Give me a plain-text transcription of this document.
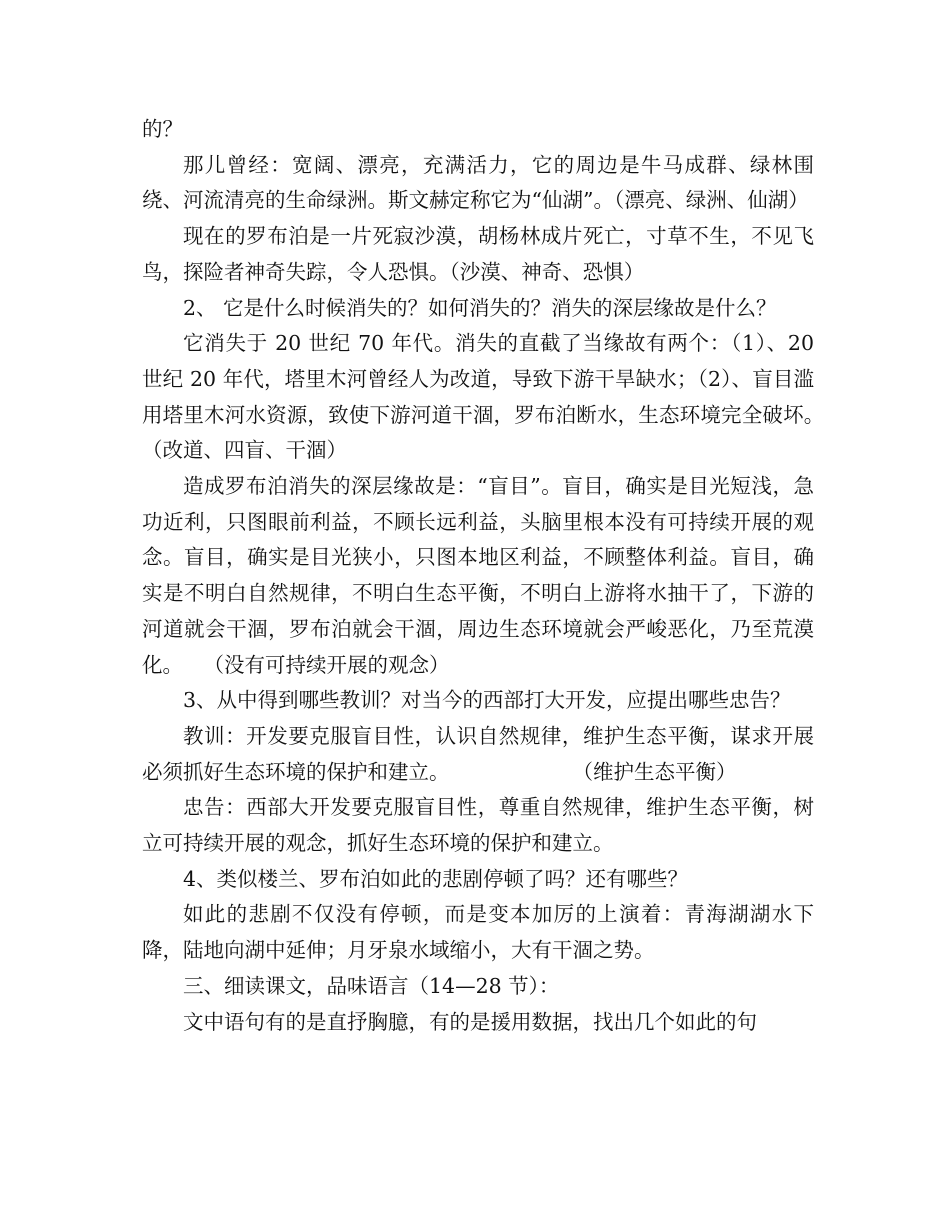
的？

那儿曾经：宽阔、漂亮，充满活力，它的周边是牛马成群、绿林围绕、河流清亮的生命绿洲。斯文赫定称它为“仙湖”。（漂亮、绿洲、仙湖）

现在的罗布泊是一片死寂沙漠，胡杨林成片死亡，寸草不生，不见飞鸟，探险者神奇失踪，令人恐惧。（沙漠、神奇、恐惧）

2、 它是什么时候消失的？如何消失的？消失的深层缘故是什么？

它消失于 20 世纪 70 年代。消失的直截了当缘故有两个：（1）、20 世纪 20 年代，塔里木河曾经人为改道，导致下游干旱缺水；（2）、盲目滥用塔里木河水资源，致使下游河道干涸，罗布泊断水，生态环境完全破坏。　　　（改道、四盲、干涸）

造成罗布泊消失的深层缘故是：“盲目”。盲目，确实是目光短浅，急功近利，只图眼前利益，不顾长远利益，头脑里根本没有可持续开展的观念。盲目，确实是目光狭小，只图本地区利益，不顾整体利益。盲目，确实是不明白自然规律，不明白生态平衡，不明白上游将水抽干了，下游的河道就会干涸，罗布泊就会干涸，周边生态环境就会严峻恶化，乃至荒漠化。　　（没有可持续开展的观念）

3、从中得到哪些教训？对当今的西部打大开发，应提出哪些忠告？

教训：开发要克服盲目性，认识自然规律，维护生态平衡，谋求开展必须抓好生态环境的保护和建立。　　　　　　　（维护生态平衡）

忠告：西部大开发要克服盲目性，尊重自然规律，维护生态平衡，树立可持续开展的观念，抓好生态环境的保护和建立。

4、类似楼兰、罗布泊如此的悲剧停顿了吗？还有哪些？

如此的悲剧不仅没有停顿，而是变本加厉的上演着：青海湖湖水下降，陆地向湖中延伸；月牙泉水域缩小，大有干涸之势。

三、细读课文，品味语言（14—28 节）：

文中语句有的是直抒胸臆，有的是援用数据，找出几个如此的句
